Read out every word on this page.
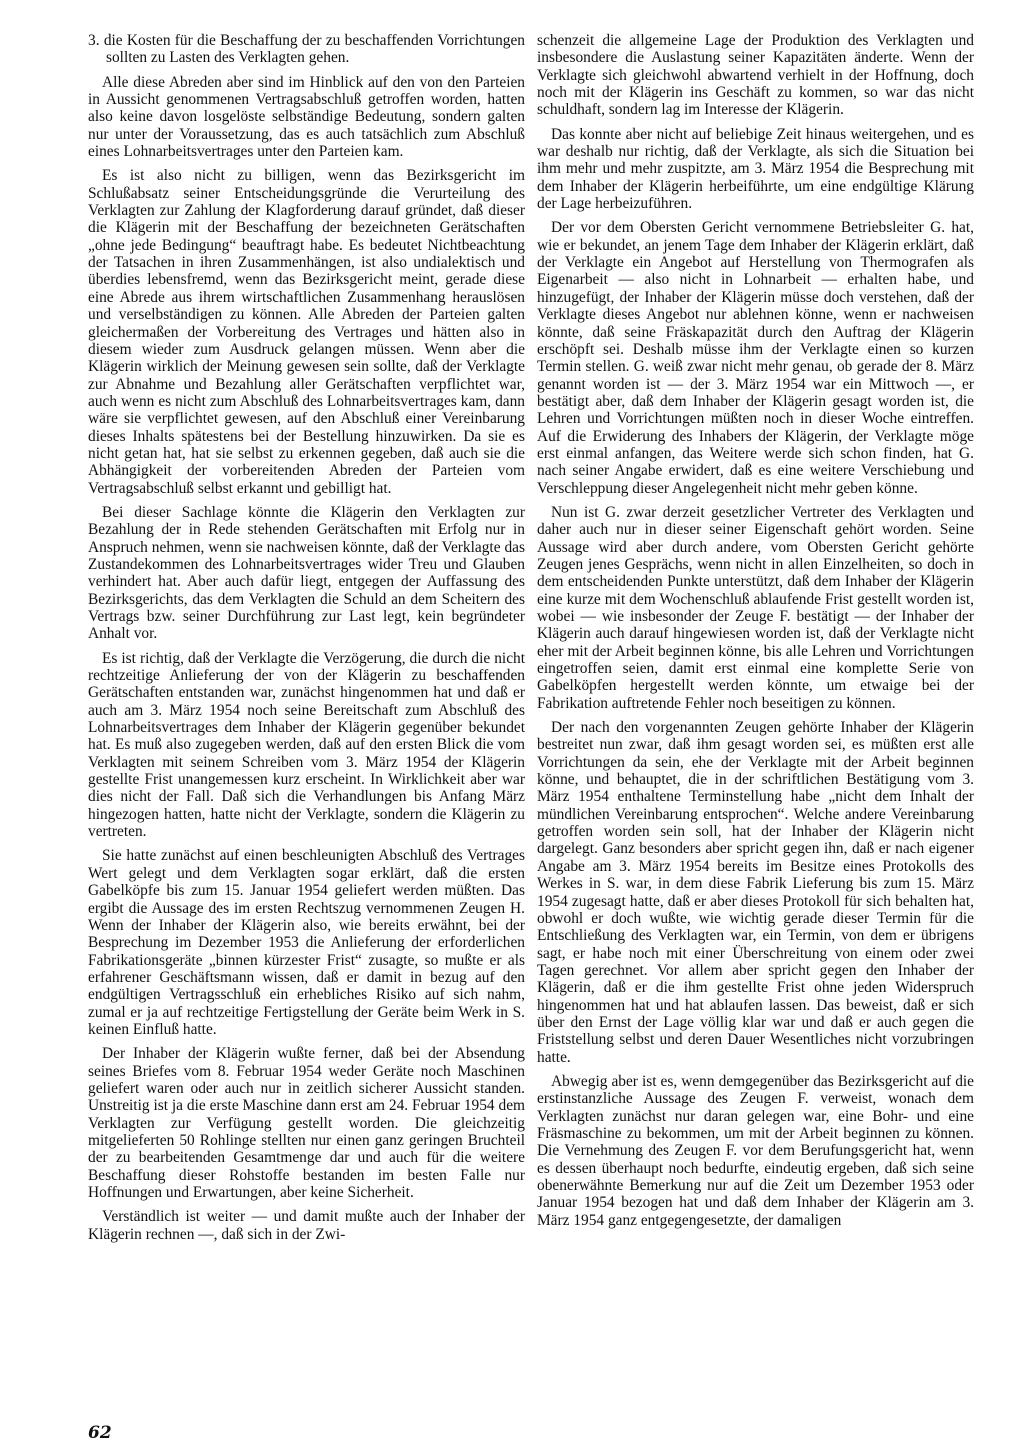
3. die Kosten für die Beschaffung der zu beschaffenden Vorrichtungen sollten zu Lasten des Verklagten gehen.

Alle diese Abreden aber sind im Hinblick auf den von den Parteien in Aussicht genommenen Vertragsabschluß getroffen worden, hatten also keine davon losgelöste selbständige Bedeutung, sondern galten nur unter der Voraussetzung, das es auch tatsächlich zum Abschluß eines Lohnarbeitsvertrages unter den Parteien kam.

Es ist also nicht zu billigen, wenn das Bezirksgericht im Schlußabsatz seiner Entscheidungsgründe die Verurteilung des Verklagten zur Zahlung der Klagforderung darauf gründet, daß dieser die Klägerin mit der Beschaffung der bezeichneten Gerätschaften „ohne jede Bedingung“ beauftragt habe. Es bedeutet Nichtbeachtung der Tatsachen in ihren Zusammenhängen, ist also undialektisch und überdies lebensfremd, wenn das Bezirksgericht meint, gerade diese eine Abrede aus ihrem wirtschaftlichen Zusammenhang herauslösen und verselbständigen zu können. Alle Abreden der Parteien galten gleichermaßen der Vorbereitung des Vertrages und hätten also in diesem wieder zum Ausdruck gelangen müssen. Wenn aber die Klägerin wirklich der Meinung gewesen sein sollte, daß der Verklagte zur Abnahme und Bezahlung aller Gerätschaften verpflichtet war, auch wenn es nicht zum Abschluß des Lohnarbeitsvertrages kam, dann wäre sie verpflichtet gewesen, auf den Abschluß einer Vereinbarung dieses Inhalts spätestens bei der Bestellung hinzuwirken. Da sie es nicht getan hat, hat sie selbst zu erkennen gegeben, daß auch sie die Abhängigkeit der vorbereitenden Abreden der Parteien vom Vertragsabschluß selbst erkannt und gebilligt hat.

Bei dieser Sachlage könnte die Klägerin den Verklagten zur Bezahlung der in Rede stehenden Gerätschaften mit Erfolg nur in Anspruch nehmen, wenn sie nachweisen könnte, daß der Verklagte das Zustandekommen des Lohnarbeitsvertrages wider Treu und Glauben verhindert hat. Aber auch dafür liegt, entgegen der Auffassung des Bezirksgerichts, das dem Verklagten die Schuld an dem Scheitern des Vertrags bzw. seiner Durchführung zur Last legt, kein begründeter Anhalt vor.

Es ist richtig, daß der Verklagte die Verzögerung, die durch die nicht rechtzeitige Anlieferung der von der Klägerin zu beschaffenden Gerätschaften entstanden war, zunächst hingenommen hat und daß er auch am 3. März 1954 noch seine Bereitschaft zum Abschluß des Lohnarbeitsvertrages dem Inhaber der Klägerin gegenüber bekundet hat. Es muß also zugegeben werden, daß auf den ersten Blick die vom Verklagten mit seinem Schreiben vom 3. März 1954 der Klägerin gestellte Frist unangemessen kurz erscheint. In Wirklichkeit aber war dies nicht der Fall. Daß sich die Verhandlungen bis Anfang März hingezogen hatten, hatte nicht der Verklagte, sondern die Klägerin zu vertreten.

Sie hatte zunächst auf einen beschleunigten Abschluß des Vertrages Wert gelegt und dem Verklagten sogar erklärt, daß die ersten Gabelköpfe bis zum 15. Januar 1954 geliefert werden müßten. Das ergibt die Aussage des im ersten Rechtszug vernommenen Zeugen H. Wenn der Inhaber der Klägerin also, wie bereits erwähnt, bei der Besprechung im Dezember 1953 die Anlieferung der erforderlichen Fabrikationsgeräte „binnen kürzester Frist“ zusagte, so mußte er als erfahrener Geschäftsmann wissen, daß er damit in bezug auf den endgültigen Vertragsschluß ein erhebliches Risiko auf sich nahm, zumal er ja auf rechtzeitige Fertigstellung der Geräte beim Werk in S. keinen Einfluß hatte.

Der Inhaber der Klägerin wußte ferner, daß bei der Absendung seines Briefes vom 8. Februar 1954 weder Geräte noch Maschinen geliefert waren oder auch nur in zeitlich sicherer Aussicht standen. Unstreitig ist ja die erste Maschine dann erst am 24. Februar 1954 dem Verklagten zur Verfügung gestellt worden. Die gleichzeitig mitgelieferten 50 Rohlinge stellten nur einen ganz geringen Bruchteil der zu bearbeitenden Gesamtmenge dar und auch für die weitere Beschaffung dieser Rohstoffe bestanden im besten Falle nur Hoffnungen und Erwartungen, aber keine Sicherheit.

Verständlich ist weiter — und damit mußte auch der Inhaber der Klägerin rechnen —, daß sich in der Zwi-

schenzeit die allgemeine Lage der Produktion des Verklagten und insbesondere die Auslastung seiner Kapazitäten änderte. Wenn der Verklagte sich gleichwohl abwartend verhielt in der Hoffnung, doch noch mit der Klägerin ins Geschäft zu kommen, so war das nicht schuldhaft, sondern lag im Interesse der Klägerin.

Das konnte aber nicht auf beliebige Zeit hinaus weitergehen, und es war deshalb nur richtig, daß der Verklagte, als sich die Situation bei ihm mehr und mehr zuspitzte, am 3. März 1954 die Besprechung mit dem Inhaber der Klägerin herbeiführte, um eine endgültige Klärung der Lage herbeizuführen.

Der vor dem Obersten Gericht vernommene Betriebsleiter G. hat, wie er bekundet, an jenem Tage dem Inhaber der Klägerin erklärt, daß der Verklagte ein Angebot auf Herstellung von Thermografen als Eigenarbeit — also nicht in Lohnarbeit — erhalten habe, und hinzugefügt, der Inhaber der Klägerin müsse doch verstehen, daß der Verklagte dieses Angebot nur ablehnen könne, wenn er nachweisen könnte, daß seine Fräskapazität durch den Auftrag der Klägerin erschöpft sei. Deshalb müsse ihm der Verklagte einen so kurzen Termin stellen. G. weiß zwar nicht mehr genau, ob gerade der 8. März genannt worden ist — der 3. März 1954 war ein Mittwoch —, er bestätigt aber, daß dem Inhaber der Klägerin gesagt worden ist, die Lehren und Vorrichtungen müßten noch in dieser Woche eintreffen. Auf die Erwiderung des Inhabers der Klägerin, der Verklagte möge erst einmal anfangen, das Weitere werde sich schon finden, hat G. nach seiner Angabe erwidert, daß es eine weitere Verschiebung und Verschleppung dieser Angelegenheit nicht mehr geben könne.

Nun ist G. zwar derzeit gesetzlicher Vertreter des Verklagten und daher auch nur in dieser seiner Eigenschaft gehört worden. Seine Aussage wird aber durch andere, vom Obersten Gericht gehörte Zeugen jenes Gesprächs, wenn nicht in allen Einzelheiten, so doch in dem entscheidenden Punkte unterstützt, daß dem Inhaber der Klägerin eine kurze mit dem Wochenschluß ablaufende Frist gestellt worden ist, wobei — wie insbesonder der Zeuge F. bestätigt — der Inhaber der Klägerin auch darauf hingewiesen worden ist, daß der Verklagte nicht eher mit der Arbeit beginnen könne, bis alle Lehren und Vorrichtungen eingetroffen seien, damit erst einmal eine komplette Serie von Gabelköpfen hergestellt werden könnte, um etwaige bei der Fabrikation auftretende Fehler noch beseitigen zu können.

Der nach den vorgenannten Zeugen gehörte Inhaber der Klägerin bestreitet nun zwar, daß ihm gesagt worden sei, es müßten erst alle Vorrichtungen da sein, ehe der Verklagte mit der Arbeit beginnen könne, und behauptet, die in der schriftlichen Bestätigung vom 3. März 1954 enthaltene Terminstellung habe „nicht dem Inhalt der mündlichen Vereinbarung entsprochen“. Welche andere Vereinbarung getroffen worden sein soll, hat der Inhaber der Klägerin nicht dargelegt. Ganz besonders aber spricht gegen ihn, daß er nach eigener Angabe am 3. März 1954 bereits im Besitze eines Protokolls des Werkes in S. war, in dem diese Fabrik Lieferung bis zum 15. März 1954 zugesagt hatte, daß er aber dieses Protokoll für sich behalten hat, obwohl er doch wußte, wie wichtig gerade dieser Termin für die Entschließung des Verklagten war, ein Termin, von dem er übrigens sagt, er habe noch mit einer Überschreitung von einem oder zwei Tagen gerechnet. Vor allem aber spricht gegen den Inhaber der Klägerin, daß er die ihm gestellte Frist ohne jeden Widerspruch hingenommen hat und hat ablaufen lassen. Das beweist, daß er sich über den Ernst der Lage völlig klar war und daß er auch gegen die Friststellung selbst und deren Dauer Wesentliches nicht vorzubringen hatte.

Abwegig aber ist es, wenn demgegenüber das Bezirksgericht auf die erstinstanzliche Aussage des Zeugen F. verweist, wonach dem Verklagten zunächst nur daran gelegen war, eine Bohr- und eine Fräsmaschine zu bekommen, um mit der Arbeit beginnen zu können. Die Vernehmung des Zeugen F. vor dem Berufungsgericht hat, wenn es dessen überhaupt noch bedurfte, eindeutig ergeben, daß sich seine obenerwähnte Bemerkung nur auf die Zeit um Dezember 1953 oder Januar 1954 bezogen hat und daß dem Inhaber der Klägerin am 3. März 1954 ganz entgegengesetzte, der damaligen

62
